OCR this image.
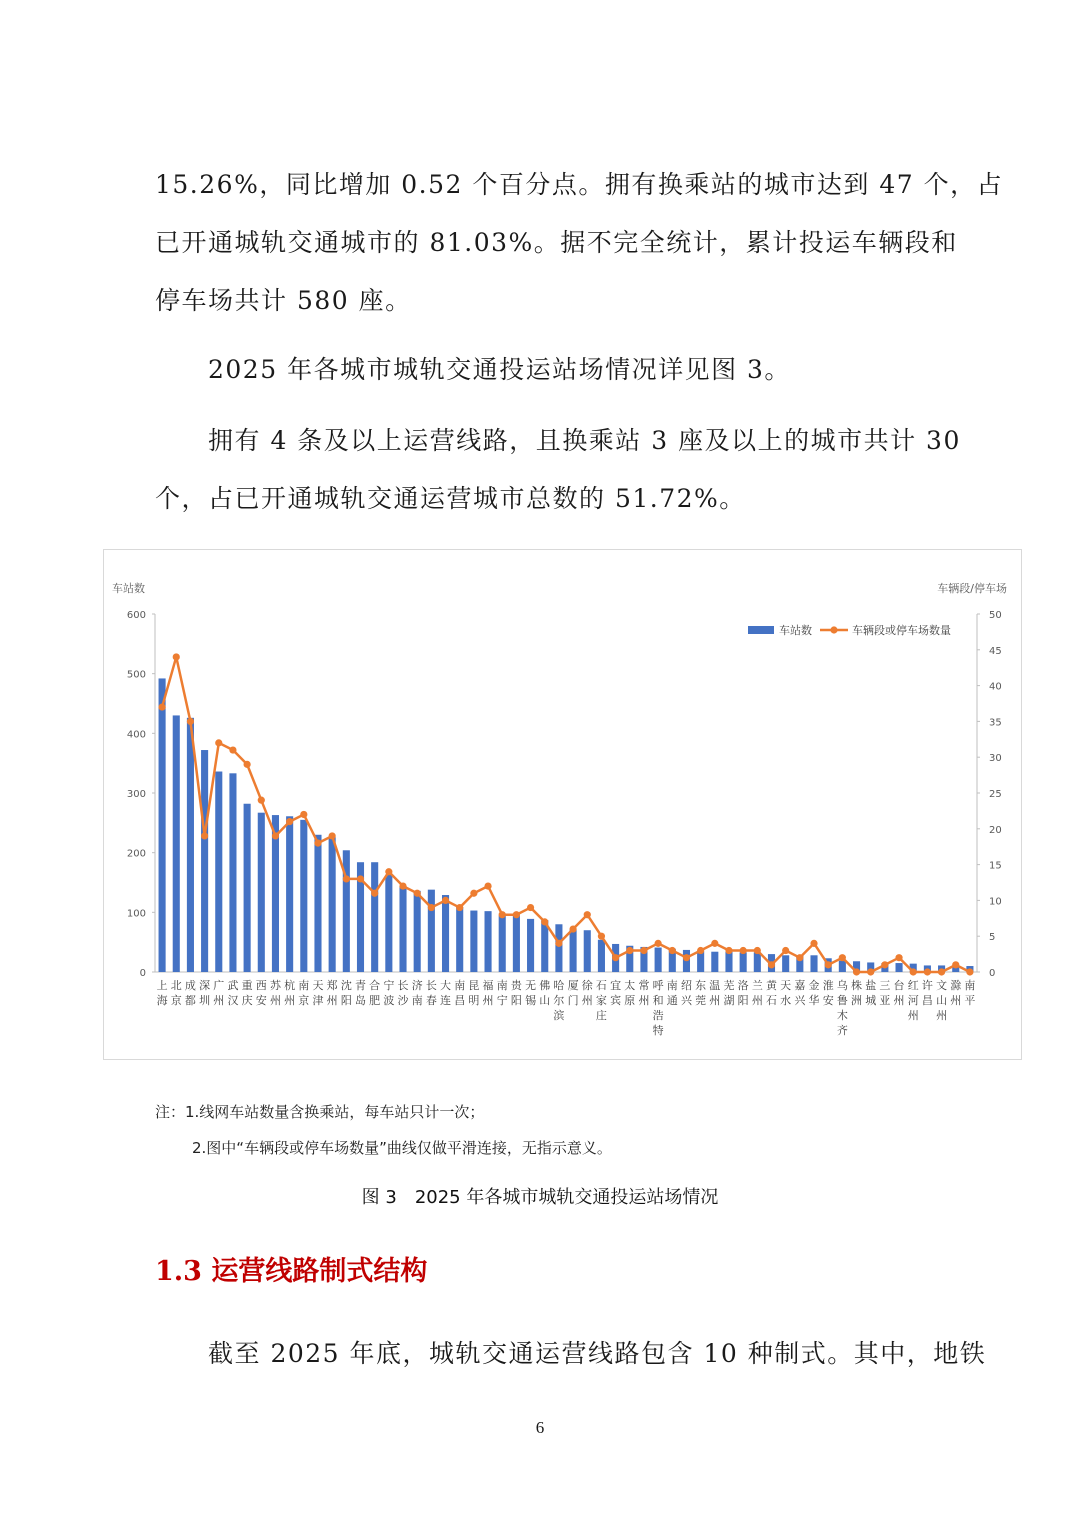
15.26%，同比增加 0.52 个百分点。拥有换乘站的城市达到 47 个，占

已开通城轨交通城市的 81.03%。据不完全统计，累计投运车辆段和

停车场共计 580 座。

2025 年各城市城轨交通投运站场情况详见图 3。

拥有 4 条及以上运营线路，且换乘站 3 座及以上的城市共计 30

个，占已开通城轨交通运营城市总数的 51.72%。

车站数	车辆段/停车场
0
100
200
300
400
500
600
0
5
10
15
20
25
30
35
40
45
50
上海
北京
成都
深圳
广州
武汉
重庆
西安
苏州
杭州
南京
天津
郑州
沈阳
青岛
合肥
宁波
长沙
济南
长春
大连
南昌
昆明
福州
南宁
贵阳
无锡
佛山
哈尔滨
厦门
徐州
石家庄
宜宾
太原
常州
呼和浩特
南通
绍兴
东莞
温州
芜湖
洛阳
兰州
黄石
天水
嘉兴
金华
淮安
乌鲁木齐
株洲
盐城
三亚
台州
红河州
许昌
文山州
滁州
南平
车站数	车辆段或停车场数量

注：1.线网车站数量含换乘站，每车站只计一次；

2.图中“车辆段或停车场数量”曲线仅做平滑连接，无指示意义。

图 3　2025 年各城市城轨交通投运站场情况

1.3 运营线路制式结构

截至 2025 年底，城轨交通运营线路包含 10 种制式。其中，地铁

6
